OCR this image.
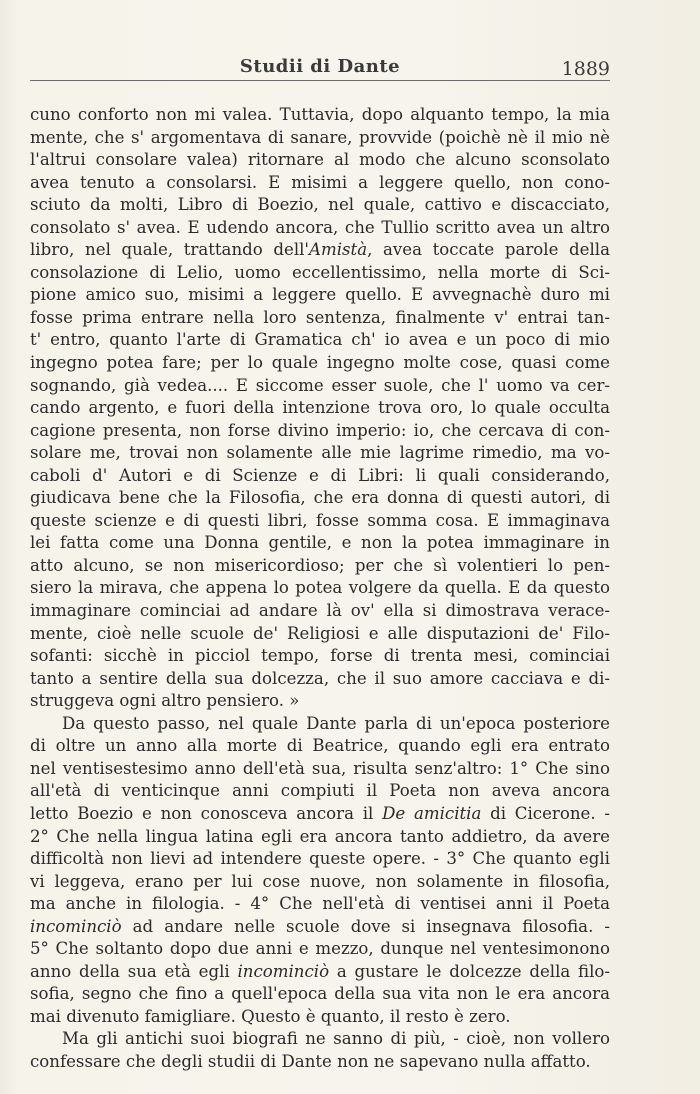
Studii di Dante	1889
cuno conforto non mi valea. Tuttavia, dopo alquanto tempo, la mia
mente, che s' argomentava di sanare, provvide (poichè nè il mio nè
l'altrui consolare valea) ritornare al modo che alcuno sconsolato
avea tenuto a consolarsi. E misimi a leggere quello, non cono-
sciuto da molti, Libro di Boezio, nel quale, cattivo e discacciato,
consolato s' avea. E udendo ancora, che Tullio scritto avea un altro
libro, nel quale, trattando dell'Amistà, avea toccate parole della
consolazione di Lelio, uomo eccellentissimo, nella morte di Sci-
pione amico suo, misimi a leggere quello. E avvegnachè duro mi
fosse prima entrare nella loro sentenza, finalmente v' entrai tan-
t' entro, quanto l'arte di Gramatica ch' io avea e un poco di mio
ingegno potea fare; per lo quale ingegno molte cose, quasi come
sognando, già vedea.... E siccome esser suole, che l' uomo va cer-
cando argento, e fuori della intenzione trova oro, lo quale occulta
cagione presenta, non forse divino imperio: io, che cercava di con-
solare me, trovai non solamente alle mie lagrime rimedio, ma vo-
caboli d' Autori e di Scienze e di Libri: li quali considerando,
giudicava bene che la Filosofia, che era donna di questi autori, di
queste scienze e di questi libri, fosse somma cosa. E immaginava
lei fatta come una Donna gentile, e non la potea immaginare in
atto alcuno, se non misericordioso; per che sì volentieri lo pen-
siero la mirava, che appena lo potea volgere da quella. E da questo
immaginare cominciai ad andare là ov' ella si dimostrava verace-
mente, cioè nelle scuole de' Religiosi e alle disputazioni de' Filo-
sofanti: sicchè in picciol tempo, forse di trenta mesi, cominciai
tanto a sentire della sua dolcezza, che il suo amore cacciava e di-
struggeva ogni altro pensiero. »
Da questo passo, nel quale Dante parla di un'epoca posteriore
di oltre un anno alla morte di Beatrice, quando egli era entrato
nel ventisestesimo anno dell'età sua, risulta senz'altro: 1° Che sino
all'età di venticinque anni compiuti il Poeta non aveva ancora
letto Boezio e non conosceva ancora il De amicitia di Cicerone. -
2° Che nella lingua latina egli era ancora tanto addietro, da avere
difficoltà non lievi ad intendere queste opere. - 3° Che quanto egli
vi leggeva, erano per lui cose nuove, non solamente in filosofia,
ma anche in filologia. - 4° Che nell'età di ventisei anni il Poeta
incominciò ad andare nelle scuole dove si insegnava filosofia. -
5° Che soltanto dopo due anni e mezzo, dunque nel ventesimonono
anno della sua età egli incominciò a gustare le dolcezze della filo-
sofia, segno che fino a quell'epoca della sua vita non le era ancora
mai divenuto famigliare. Questo è quanto, il resto è zero.
Ma gli antichi suoi biografi ne sanno di più, - cioè, non vollero
confessare che degli studii di Dante non ne sapevano nulla affatto.
